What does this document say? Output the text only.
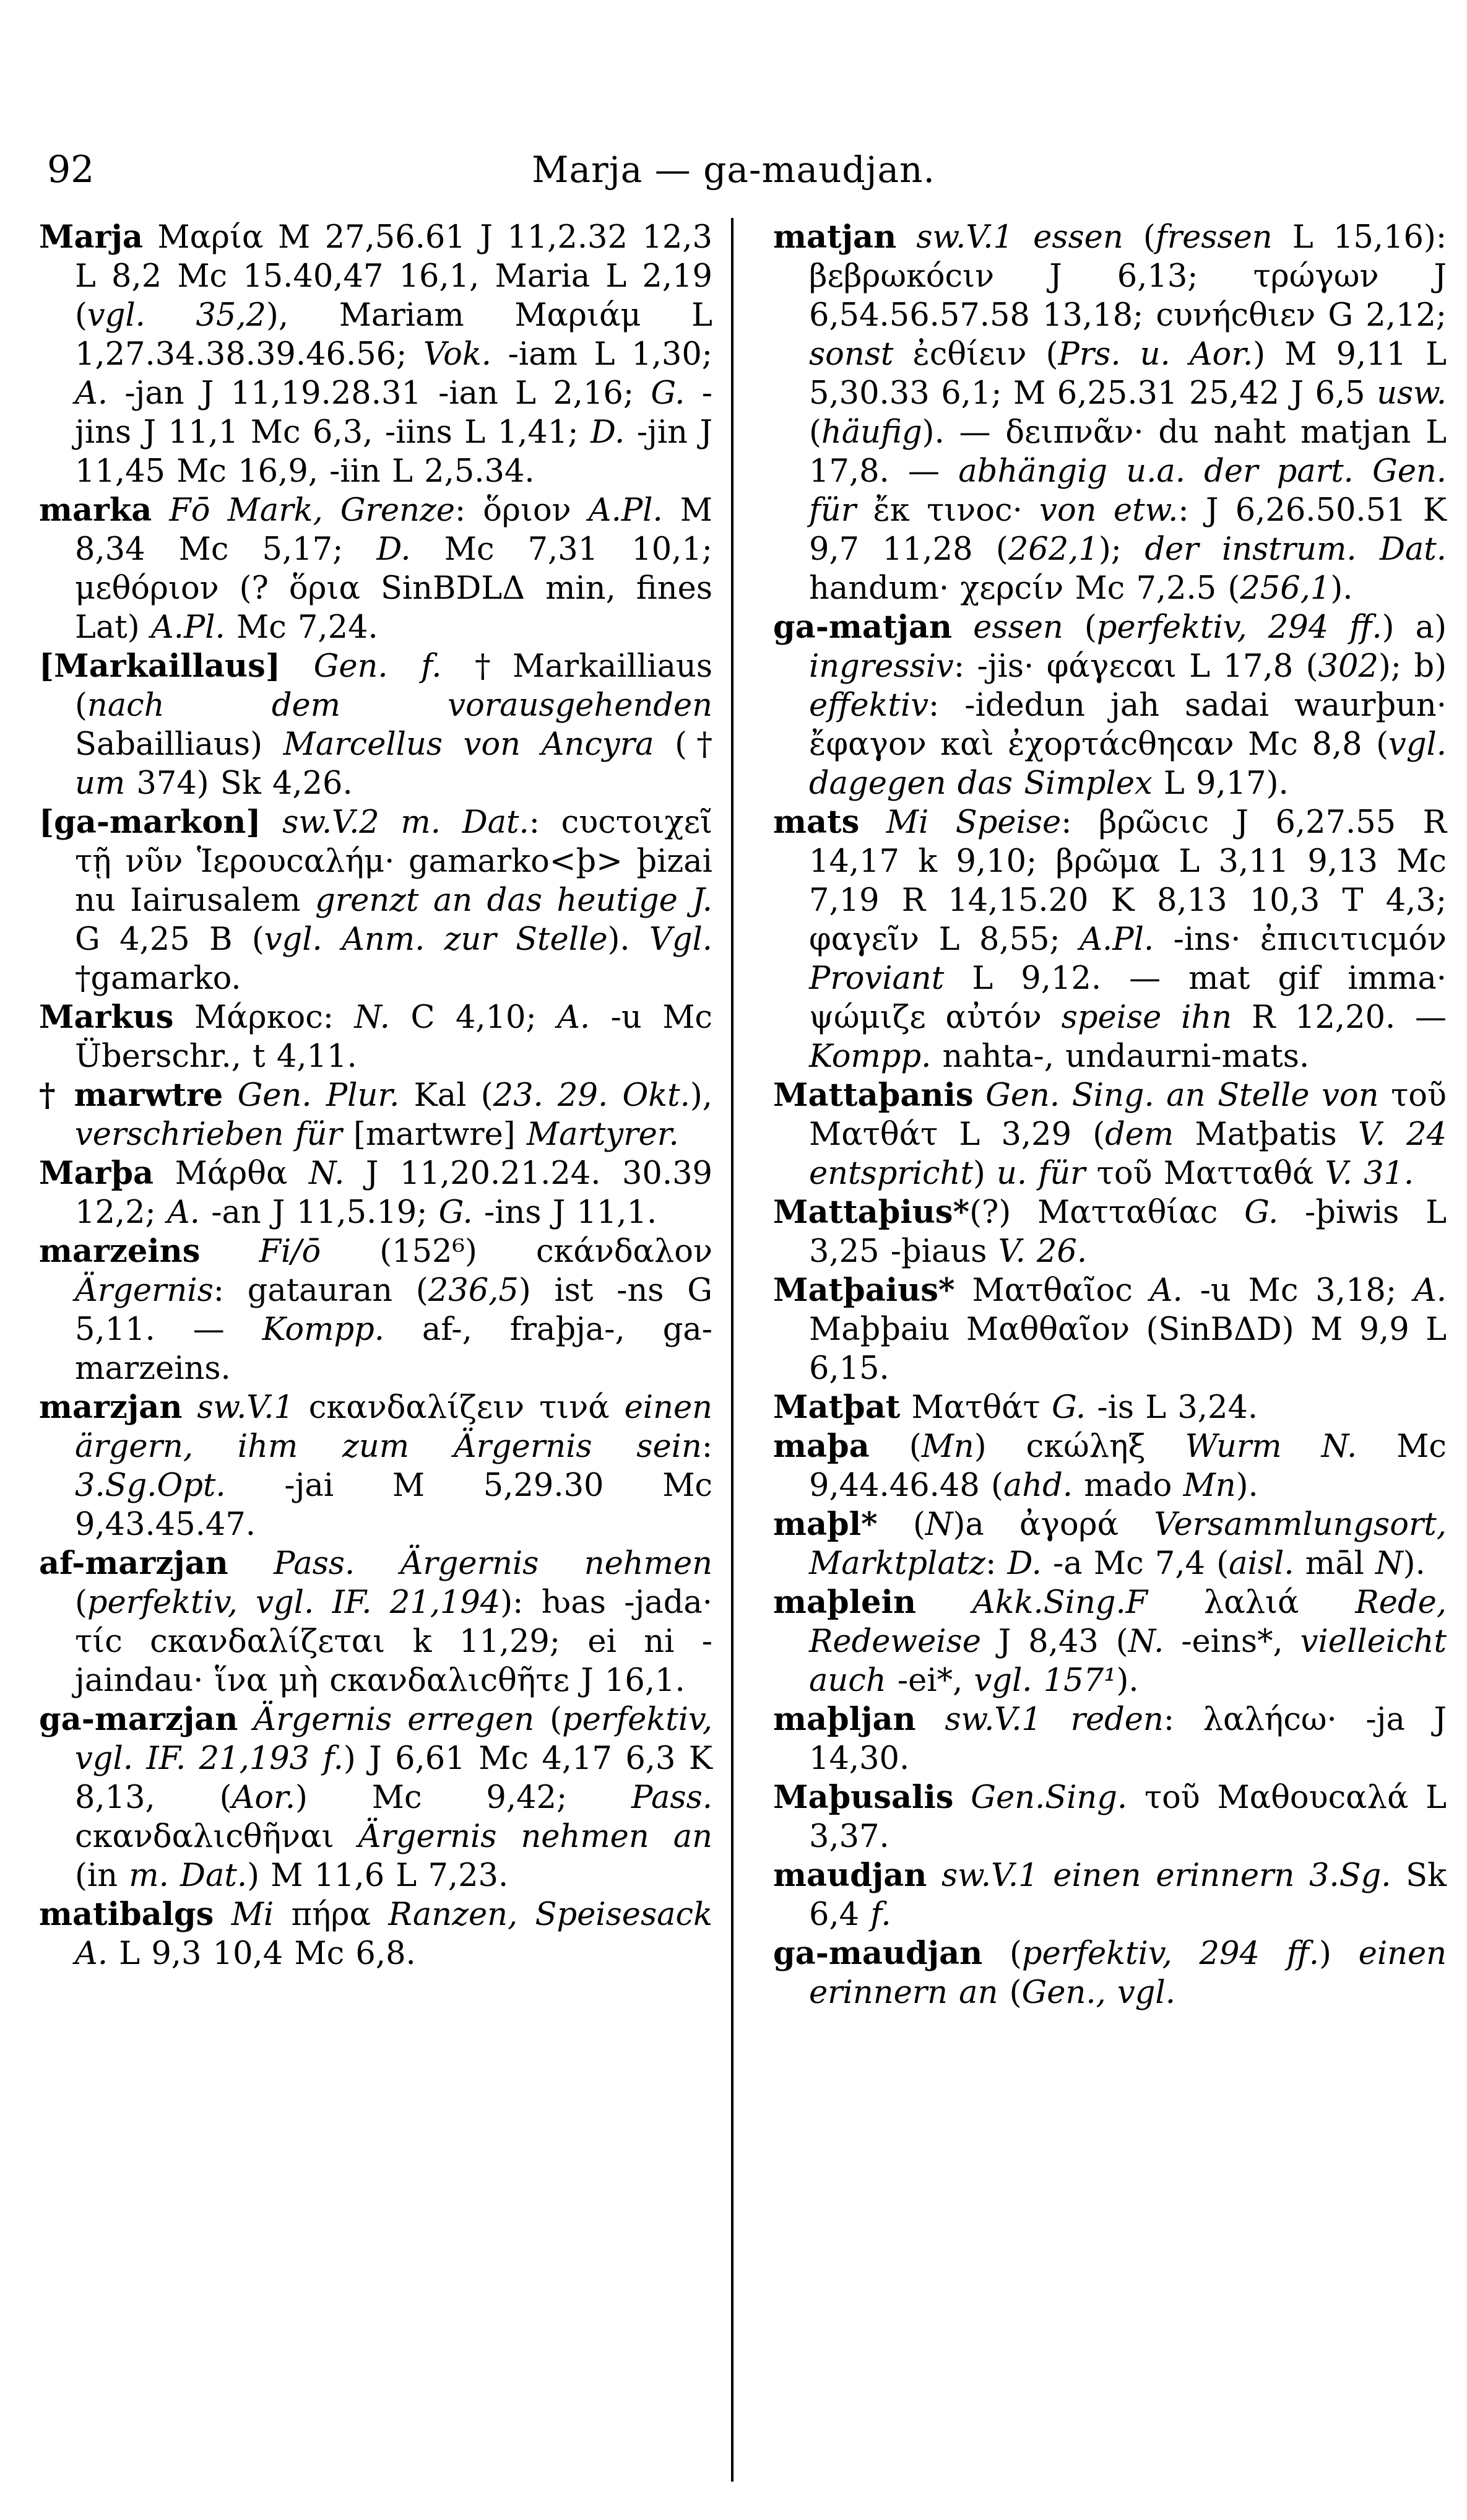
92	Marja — ga-maudjan.
Marja Μαρία M 27,56.61 J 11,2.32 12,3 L 8,2 Mc 15.40,47 16,1, Maria L 2,19 (vgl. 35,2), Mariam Μαριάμ L 1,27.34.38.39.46.56; Vok. -iam L 1,30; A. -jan J 11,19.28.31 -ian L 2,16; G. -jins J 11,1 Mc 6,3, -iins L 1,41; D. -jin J 11,45 Mc 16,9, -iin L 2,5.34.
marka Fō Mark, Grenze: ὅριον A.Pl. M 8,34 Mc 5,17; D. Mc 7,31 10,1; μεθόριον (? ὅρια SinBDLΔ min, fines Lat) A.Pl. Mc 7,24.
[Markaillaus] Gen. f. †Markailliaus (nach dem vorausgehenden Sabailliaus) Marcellus von Ancyra († um 374) Sk 4,26.
[ga-markon] sw.V.2 m. Dat.: ϲυϲτοιχεῖ τῇ νῦν Ἱερουϲαλήμ· gamarko<þ> þizai nu Iairusalem grenzt an das heutige J. G 4,25 B (vgl. Anm. zur Stelle). Vgl. †gamarko.
Markus Μάρκοϲ: N. C 4,10; A. -u Mc Überschr., t 4,11.
† marwtre Gen. Plur. Kal (23. 29. Okt.), verschrieben für [martwre] Martyrer.
Marþa Μάρθα N. J 11,20.21.24. 30.39 12,2; A. -an J 11,5.19; G. -ins J 11,1.
marzeins Fi/ō (152⁶) ϲκάνδαλον Ärgernis: gatauran (236,5) ist -ns G 5,11. — Kompp. af-, fraþja-, ga-marzeins.
marzjan sw.V.1 ϲκανδαλίζειν τινά einen ärgern, ihm zum Ärgernis sein: 3.Sg.Opt. -jai M 5,29.30 Mc 9,43.45.47.
af-marzjan Pass. Ärgernis nehmen (perfektiv, vgl. IF. 21,194): ƕas -jada· τίϲ ϲκανδαλίζεται k 11,29; ei ni -jaindau· ἵνα μὴ ϲκανδαλιϲθῆτε J 16,1.
ga-marzjan Ärgernis erregen (perfektiv, vgl. IF. 21,193 f.) J 6,61 Mc 4,17 6,3 K 8,13, (Aor.) Mc 9,42; Pass. ϲκανδαλιϲθῆναι Ärgernis nehmen an (in m. Dat.) M 11,6 L 7,23.
matibalgs Mi πήρα Ranzen, Speisesack A. L 9,3 10,4 Mc 6,8.
matjan sw.V.1 essen (fressen L 15,16): βεβρωκόϲιν J 6,13; τρώγων J 6,54.56.57.58 13,18; ϲυνήϲθιεν G 2,12; sonst ἐϲθίειν (Prs. u. Aor.) M 9,11 L 5,30.33 6,1; M 6,25.31 25,42 J 6,5 usw. (häufig). — δειπνᾶν· du naht matjan L 17,8. — abhängig u.a. der part. Gen. für ἔκ τινοϲ· von etw.: J 6,26.50.51 K 9,7 11,28 (262,1); der instrum. Dat. handum· χερϲίν Mc 7,2.5 (256,1).
ga-matjan essen (perfektiv, 294 ff.) a) ingressiv: -jis· φάγεϲαι L 17,8 (302); b) effektiv: -idedun jah sadai waurþun· ἔφαγον καὶ ἐχορτάϲθηϲαν Mc 8,8 (vgl. dagegen das Simplex L 9,17).
mats Mi Speise: βρῶϲιϲ J 6,27.55 R 14,17 k 9,10; βρῶμα L 3,11 9,13 Mc 7,19 R 14,15.20 K 8,13 10,3 T 4,3; φαγεῖν L 8,55; A.Pl. -ins· ἐπιϲιτιϲμόν Proviant L 9,12. — mat gif imma· ψώμιζε αὐτόν speise ihn R 12,20. — Kompp. nahta-, undaurni-mats.
Mattaþanis Gen. Sing. an Stelle von τοῦ Ματθάτ L 3,29 (dem Matþatis V. 24 entspricht) u. für τοῦ Ματταθά V. 31.
Mattaþius*(?) Ματταθίαϲ G. -þiwis L 3,25 -þiaus V. 26.
Matþaius* Ματθαῖοϲ A. -u Mc 3,18; A. Maþþaiu Μαθθαῖον (SinBΔD) M 9,9 L 6,15.
Matþat Ματθάτ G. -is L 3,24.
maþa (Mn) ϲκώληξ Wurm N. Mc 9,44.46.48 (ahd. mado Mn).
maþl* (N)a ἀγορά Versammlungsort, Marktplatz: D. -a Mc 7,4 (aisl. māl N).
maþlein Akk.Sing.F λαλιά Rede, Redeweise J 8,43 (N. -eins*, vielleicht auch -ei*, vgl. 157¹).
maþljan sw.V.1 reden: λαλήϲω· -ja J 14,30.
Maþusalis Gen.Sing. τοῦ Μαθουϲαλά L 3,37.
maudjan sw.V.1 einen erinnern 3.Sg. Sk 6,4 f.
ga-maudjan (perfektiv, 294 ff.) einen erinnern an (Gen., vgl.
